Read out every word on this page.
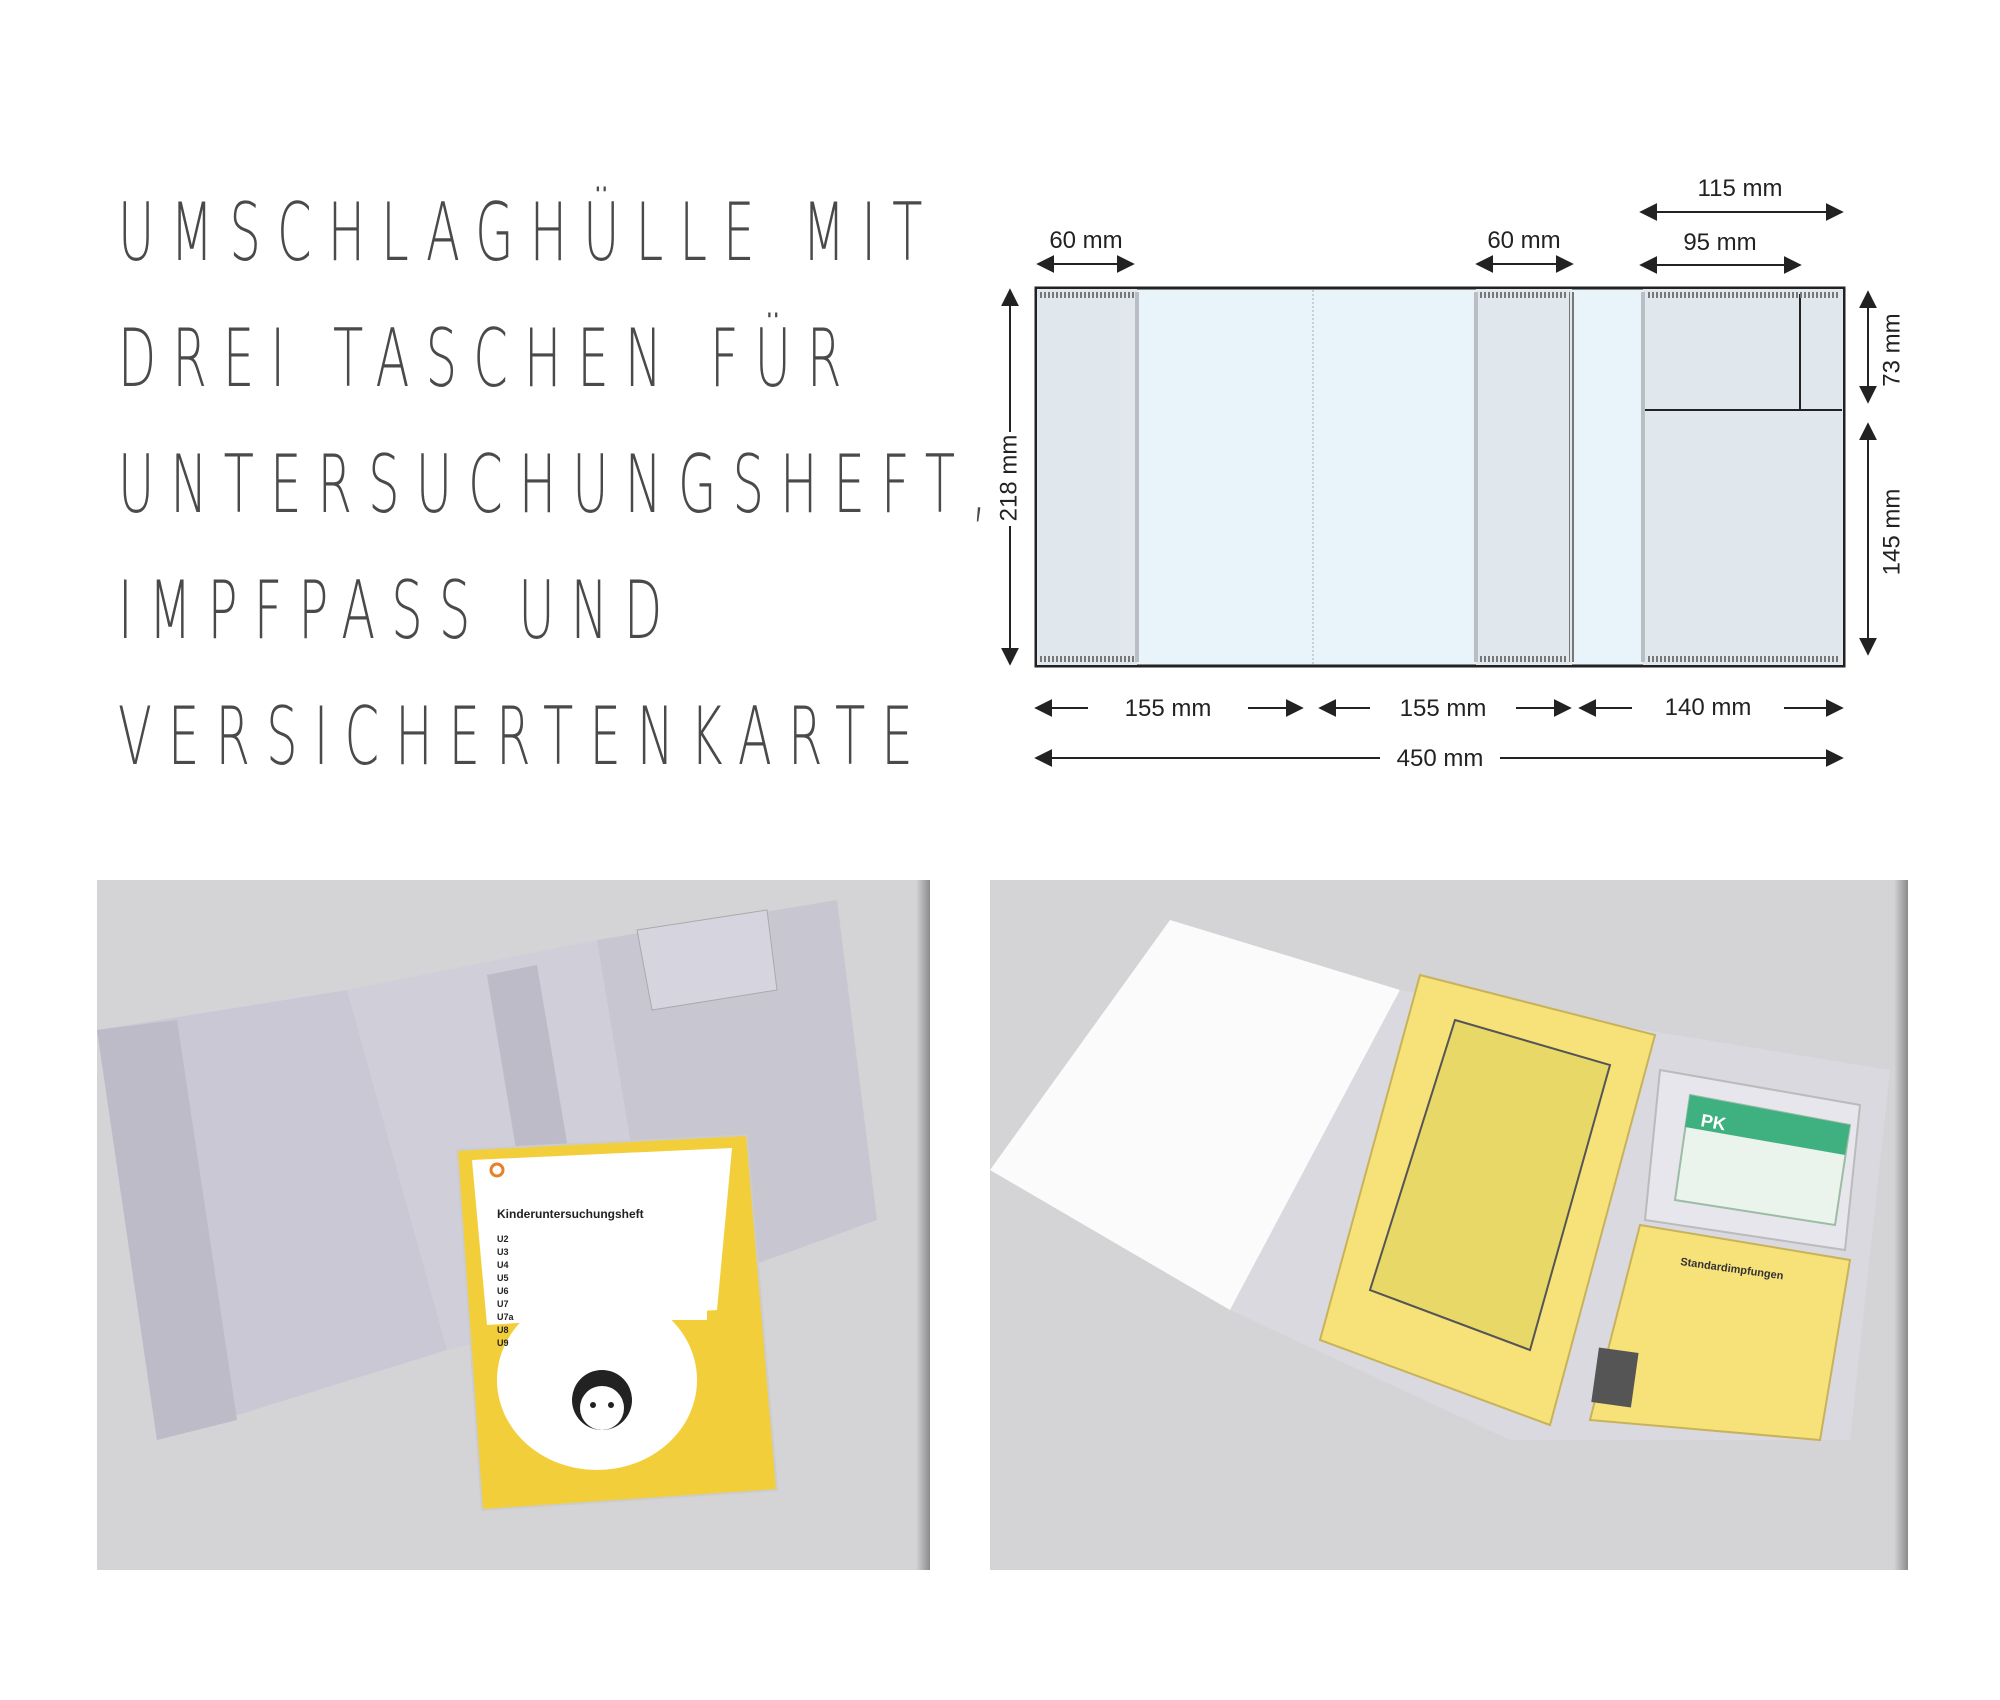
UMSCHLAGHÜLLE MIT
DREI TASCHEN FÜR
UNTERSUCHUNGSHEFT,
IMPFPASS UND
VERSICHERTENKARTE
60 mm	60 mm
115 mm
95 mm
218 mm
73 mm
145 mm
155 mm	155 mm	140 mm
450 mm
Kinderuntersuchungsheft
U2
U3
U4
U5
U6
U7
U7a
U8
U9
PK
Standardimpfungen
